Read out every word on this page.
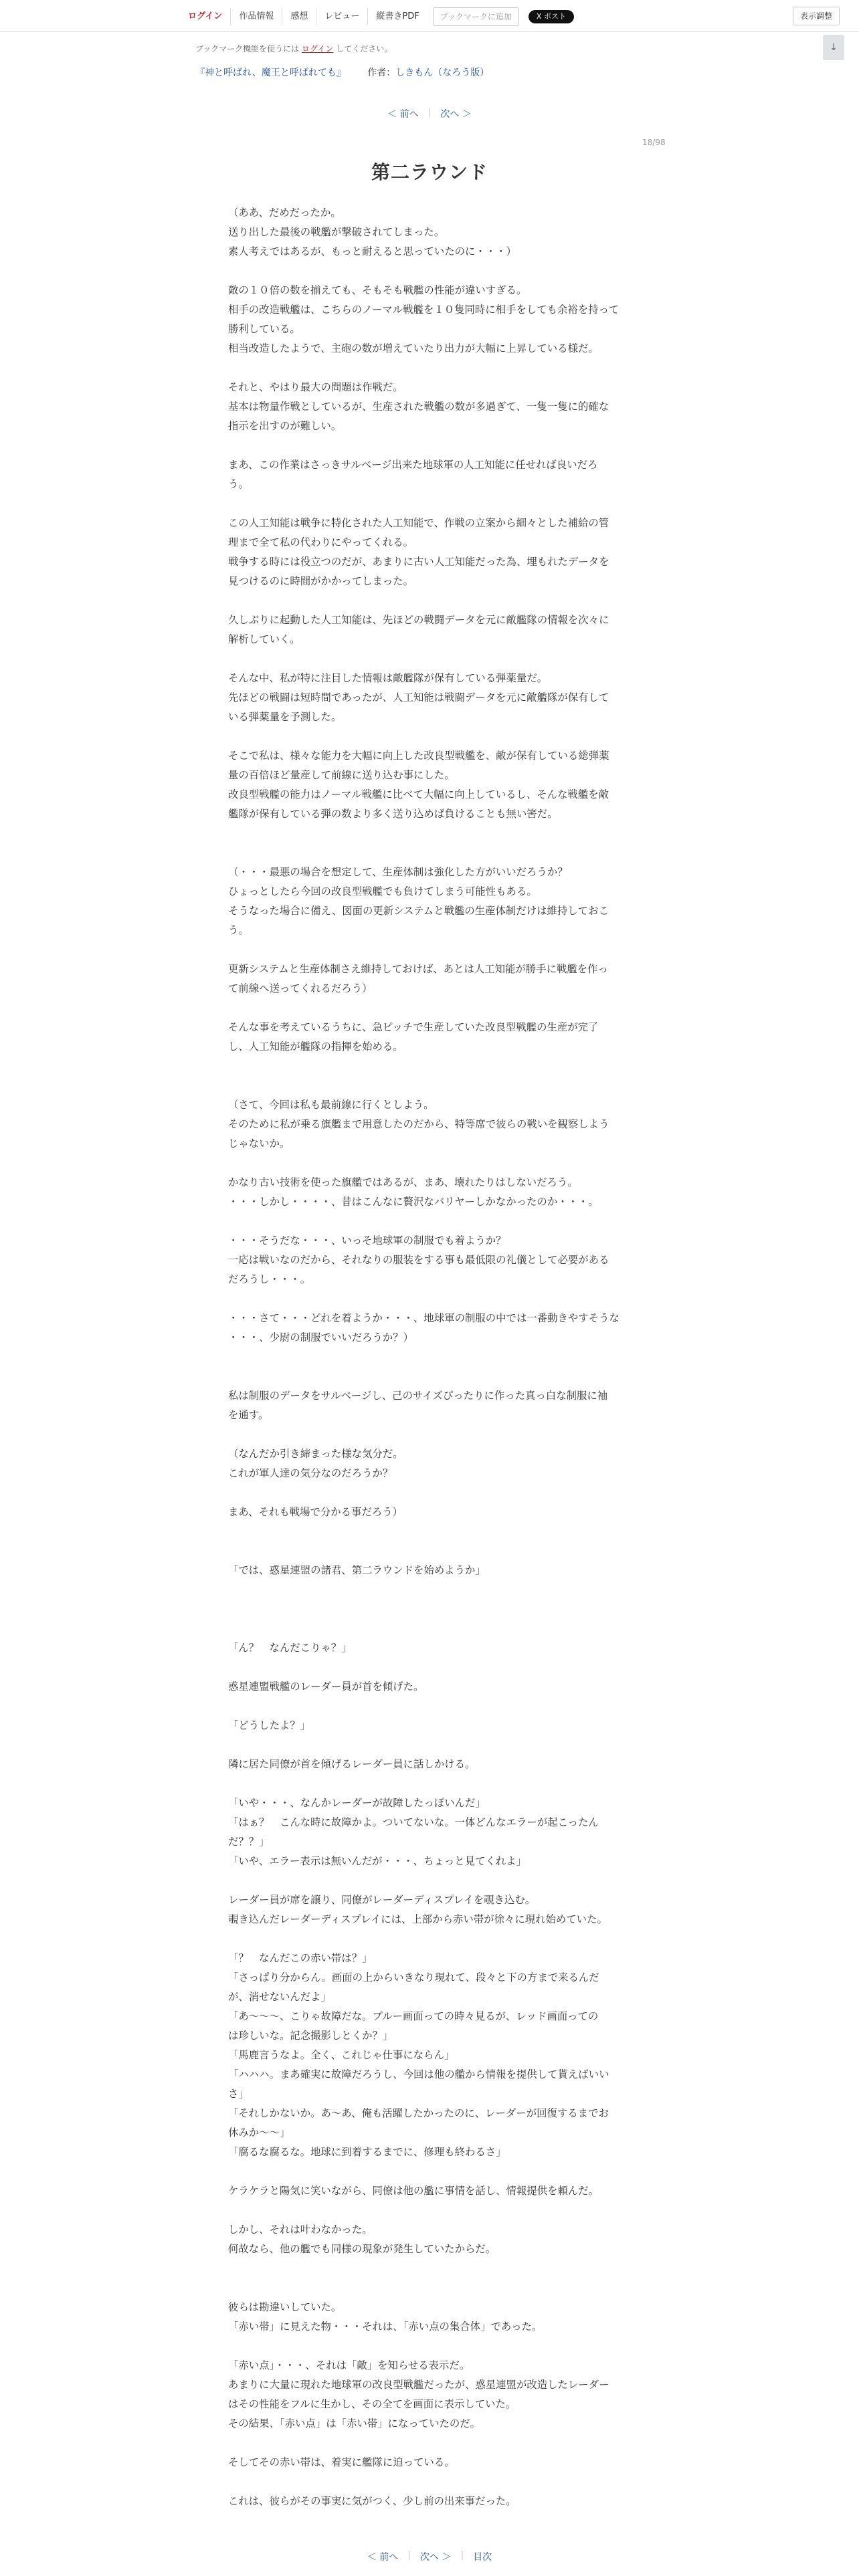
ログイン	作品情報	感想	レビュー	縦書きPDF	ブックマークに追加	X ポスト	表示調整
ブックマーク機能を使うには ログイン してください。	↓
『神と呼ばれ、魔王と呼ばれても』 作者：しきもん（なろう版）
＜ 前へ	|	次へ ＞
18/98
第二ラウンド
（ああ、だめだったか。
送り出した最後の戦艦が撃破されてしまった。
素人考えではあるが、もっと耐えると思っていたのに・・・）
敵の１０倍の数を揃えても、そもそも戦艦の性能が違いすぎる。
相手の改造戦艦は、こちらのノーマル戦艦を１０隻同時に相手をしても余裕を持って
勝利している。
相当改造したようで、主砲の数が増えていたり出力が大幅に上昇している様だ。
それと、やはり最大の問題は作戦だ。
基本は物量作戦としているが、生産された戦艦の数が多過ぎて、一隻一隻に的確な
指示を出すのが難しい。
まあ、この作業はさっきサルベージ出来た地球軍の人工知能に任せれば良いだろ
う。
この人工知能は戦争に特化された人工知能で、作戦の立案から細々とした補給の管
理まで全て私の代わりにやってくれる。
戦争する時には役立つのだが、あまりに古い人工知能だった為、埋もれたデータを
見つけるのに時間がかかってしまった。
久しぶりに起動した人工知能は、先ほどの戦闘データを元に敵艦隊の情報を次々に
解析していく。
そんな中、私が特に注目した情報は敵艦隊が保有している弾薬量だ。
先ほどの戦闘は短時間であったが、人工知能は戦闘データを元に敵艦隊が保有して
いる弾薬量を予測した。
そこで私は、様々な能力を大幅に向上した改良型戦艦を、敵が保有している総弾薬
量の百倍ほど量産して前線に送り込む事にした。
改良型戦艦の能力はノーマル戦艦に比べて大幅に向上しているし、そんな戦艦を敵
艦隊が保有している弾の数より多く送り込めば負けることも無い筈だ。
（・・・最悪の場合を想定して、生産体制は強化した方がいいだろうか？
ひょっとしたら今回の改良型戦艦でも負けてしまう可能性もある。
そうなった場合に備え、図面の更新システムと戦艦の生産体制だけは維持しておこ
う。
更新システムと生産体制さえ維持しておけば、あとは人工知能が勝手に戦艦を作っ
て前線へ送ってくれるだろう）
そんな事を考えているうちに、急ピッチで生産していた改良型戦艦の生産が完了
し、人工知能が艦隊の指揮を始める。
（さて、今回は私も最前線に行くとしよう。
そのために私が乗る旗艦まで用意したのだから、特等席で彼らの戦いを観察しよう
じゃないか。
かなり古い技術を使った旗艦ではあるが、まあ、壊れたりはしないだろう。
・・・しかし・・・・、昔はこんなに贅沢なバリヤーしかなかったのか・・・。
・・・そうだな・・・、いっそ地球軍の制服でも着ようか？
一応は戦いなのだから、それなりの服装をする事も最低限の礼儀として必要がある
だろうし・・・。
・・・さて・・・どれを着ようか・・・、地球軍の制服の中では一番動きやすそうな
・・・、少尉の制服でいいだろうか？）
私は制服のデータをサルベージし、己のサイズぴったりに作った真っ白な制服に袖
を通す。
（なんだか引き締まった様な気分だ。
これが軍人達の気分なのだろうか？
まあ、それも戦場で分かる事だろう）
「では、惑星連盟の諸君、第二ラウンドを始めようか」
「ん？　なんだこりゃ？」
惑星連盟戦艦のレーダー員が首を傾げた。
「どうしたよ？」
隣に居た同僚が首を傾げるレーダー員に話しかける。
「いや・・・、なんかレーダーが故障したっぽいんだ」
「はぁ？　こんな時に故障かよ。ついてないな。一体どんなエラーが起こったん
だ？？」
「いや、エラー表示は無いんだが・・・、ちょっと見てくれよ」
レーダー員が席を譲り、同僚がレーダーディスプレイを覗き込む。
覗き込んだレーダーディスプレイには、上部から赤い帯が徐々に現れ始めていた。
「？　なんだこの赤い帯は？」
「さっぱり分からん。画面の上からいきなり現れて、段々と下の方まで来るんだ
が、消せないんだよ」
「あ〜〜〜、こりゃ故障だな。ブルー画面っての時々見るが、レッド画面っての
は珍しいな。記念撮影しとくか？」
「馬鹿言うなよ。全く、これじゃ仕事にならん」
「ハハハ。まあ確実に故障だろうし、今回は他の艦から情報を提供して貰えばいい
さ」
「それしかないか。あ〜あ、俺も活躍したかったのに、レーダーが回復するまでお
休みか〜〜」
「腐るな腐るな。地球に到着するまでに、修理も終わるさ」
ケラケラと陽気に笑いながら、同僚は他の艦に事情を話し、情報提供を頼んだ。
しかし、それは叶わなかった。
何故なら、他の艦でも同様の現象が発生していたからだ。
彼らは勘違いしていた。
「赤い帯」に見えた物・・・それは、「赤い点の集合体」であった。
「赤い点」・・・、それは「敵」を知らせる表示だ。
あまりに大量に現れた地球軍の改良型戦艦だったが、惑星連盟が改造したレーダー
はその性能をフルに生かし、その全てを画面に表示していた。
その結果、「赤い点」は「赤い帯」になっていたのだ。
そしてその赤い帯は、着実に艦隊に迫っている。
これは、彼らがその事実に気がつく、少し前の出来事だった。
＜ 前へ	|	次へ ＞	|	目次
